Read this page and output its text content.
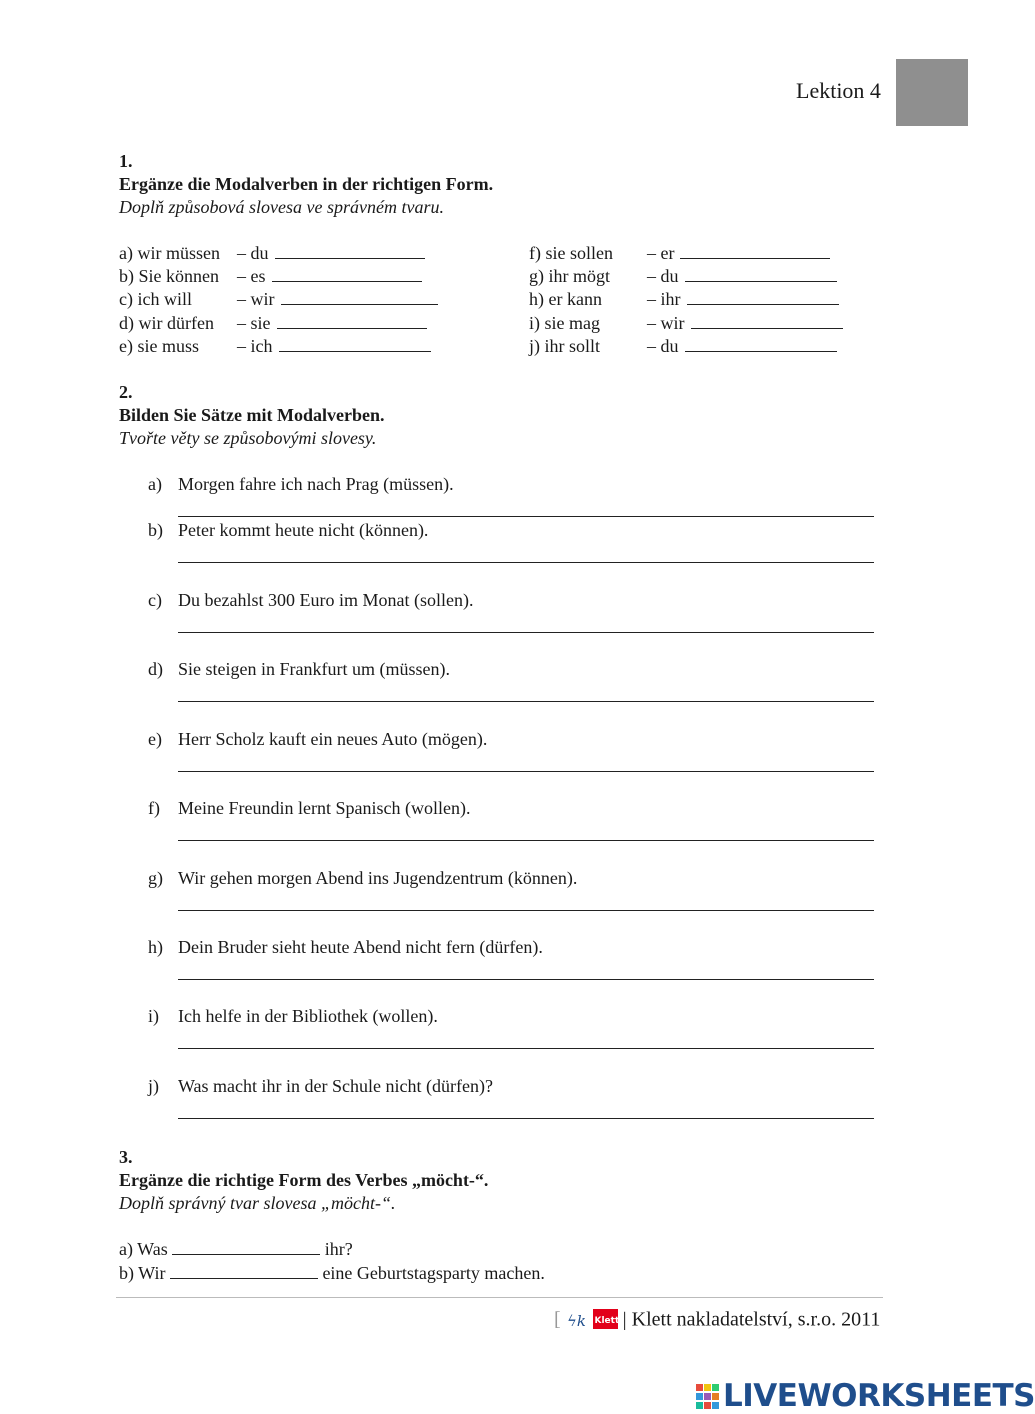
Lektion 4
1.
Ergänze die Modalverben in der richtigen Form.
Doplň způsobová slovesa ve správném tvaru.
a) wir müssen – du
b) Sie können – es
c) ich will	– wir
d) wir dürfen – sie
e) sie muss – ich
f) sie sollen – er
g) ihr mögt – du
h) er kann	– ihr
i) sie mag	– wir
j) ihr sollt	– du
2.
Bilden Sie Sätze mit Modalverben.
Tvořte věty se způsobovými slovesy.
a) Morgen fahre ich nach Prag (müssen).
b) Peter kommt heute nicht (können).
c) Du bezahlst 300 Euro im Monat (sollen).
d) Sie steigen in Frankfurt um (müssen).
e) Herr Scholz kauft ein neues Auto (mögen).
f) Meine Freundin lernt Spanisch (wollen).
g) Wir gehen morgen Abend ins Jugendzentrum (können).
h) Dein Bruder sieht heute Abend nicht fern (dürfen).
i) Ich helfe in der Bibliothek (wollen).
j) Was macht ihr in der Schule nicht (dürfen)?
3.
Ergänze die richtige Form des Verbes „möcht-“.
Doplň správný tvar slovesa „möcht-“.
a) Was	ihr?
b) Wir	eine Geburtstagsparty machen.
[ ϟk Klett | Klett nakladatelství, s.r.o. 2011
LIVEWORKSHEETS
